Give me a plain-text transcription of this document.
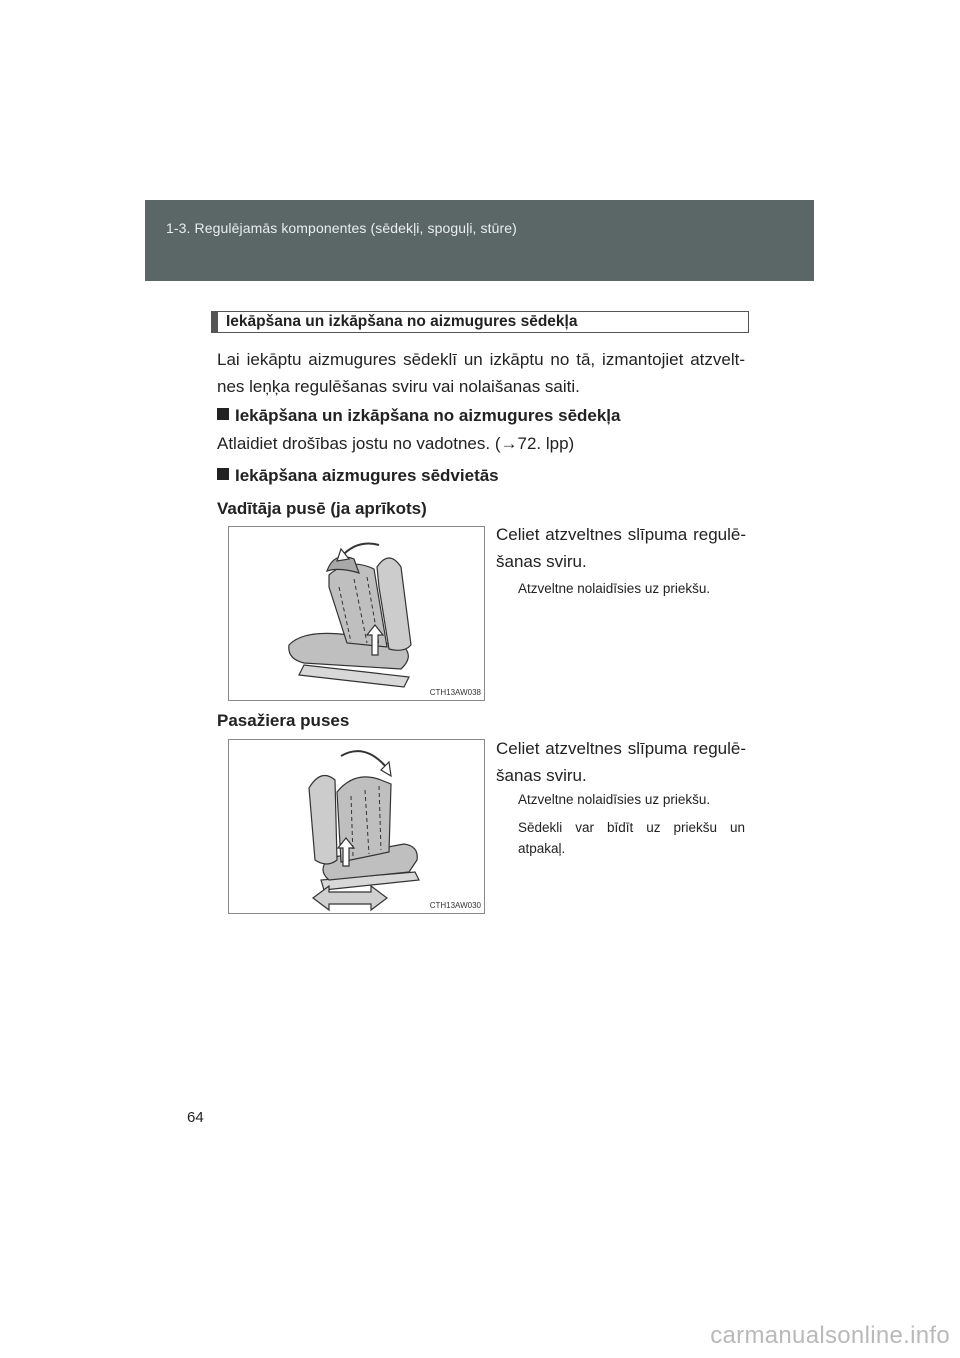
1-3. Regulējamās komponentes (sēdekļi, spoguļi, stūre)
Iekāpšana un izkāpšana no aizmugures sēdekļa
Lai iekāptu aizmugures sēdeklī un izkāptu no tā, izmantojiet atzvelt-nes leņķa regulēšanas sviru vai nolaišanas saiti.
Iekāpšana un izkāpšana no aizmugures sēdekļa
Atlaidiet drošības jostu no vadotnes. (→72. lpp)
Iekāpšana aizmugures sēdvietās
Vadītāja pusē (ja aprīkots)
CTH13AW038
Celiet atzveltnes slīpuma regulē-šanas sviru.
Atzveltne nolaidīsies uz priekšu.
Pasažiera puses
CTH13AW030
Celiet atzveltnes slīpuma regulē-šanas sviru.
Atzveltne nolaidīsies uz priekšu.
Sēdekli var bīdīt uz priekšu un atpakaļ.
64
carmanualsonline.info
